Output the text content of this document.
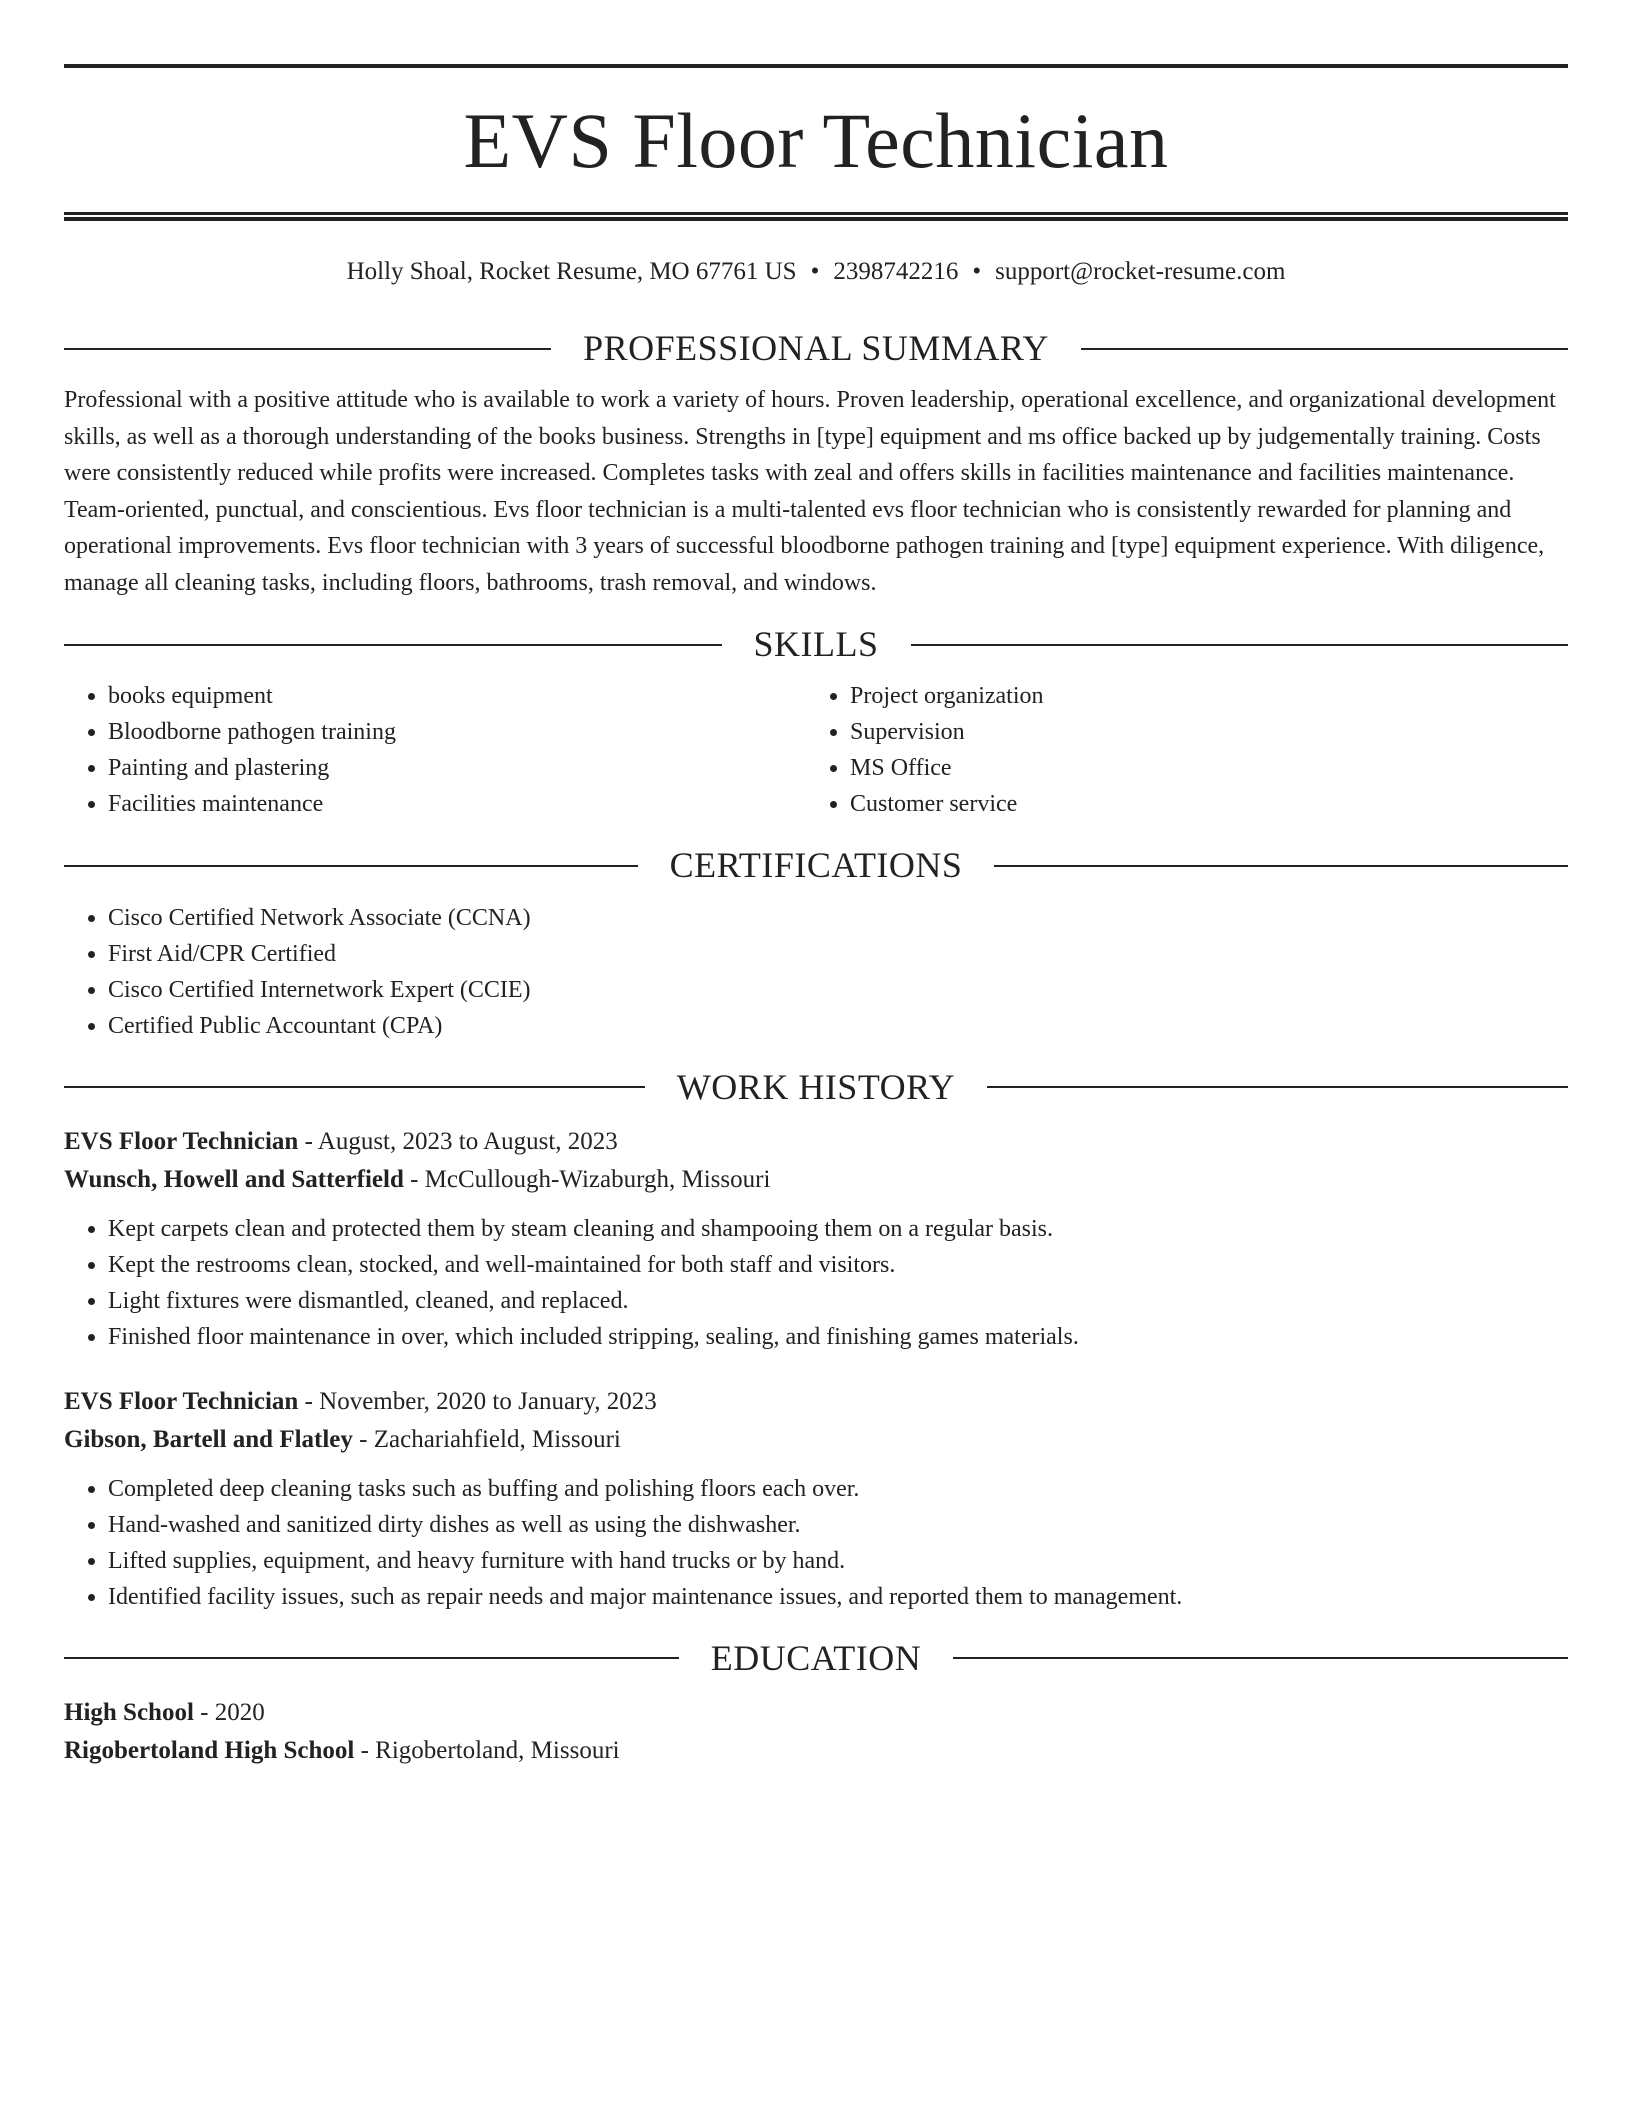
EVS Floor Technician
Holly Shoal, Rocket Resume, MO 67761 US • 2398742216 • support@rocket-resume.com
PROFESSIONAL SUMMARY
Professional with a positive attitude who is available to work a variety of hours. Proven leadership, operational excellence, and organizational development skills, as well as a thorough understanding of the books business. Strengths in [type] equipment and ms office backed up by judgementally training. Costs were consistently reduced while profits were increased. Completes tasks with zeal and offers skills in facilities maintenance and facilities maintenance. Team-oriented, punctual, and conscientious. Evs floor technician is a multi-talented evs floor technician who is consistently rewarded for planning and operational improvements. Evs floor technician with 3 years of successful bloodborne pathogen training and [type] equipment experience. With diligence, manage all cleaning tasks, including floors, bathrooms, trash removal, and windows.
SKILLS
• books equipment
• Bloodborne pathogen training
• Painting and plastering
• Facilities maintenance
• Project organization
• Supervision
• MS Office
• Customer service
CERTIFICATIONS
• Cisco Certified Network Associate (CCNA)
• First Aid/CPR Certified
• Cisco Certified Internetwork Expert (CCIE)
• Certified Public Accountant (CPA)
WORK HISTORY
EVS Floor Technician - August, 2023 to August, 2023
Wunsch, Howell and Satterfield - McCullough-Wizaburgh, Missouri
• Kept carpets clean and protected them by steam cleaning and shampooing them on a regular basis.
• Kept the restrooms clean, stocked, and well-maintained for both staff and visitors.
• Light fixtures were dismantled, cleaned, and replaced.
• Finished floor maintenance in over, which included stripping, sealing, and finishing games materials.
EVS Floor Technician - November, 2020 to January, 2023
Gibson, Bartell and Flatley - Zachariahfield, Missouri
• Completed deep cleaning tasks such as buffing and polishing floors each over.
• Hand-washed and sanitized dirty dishes as well as using the dishwasher.
• Lifted supplies, equipment, and heavy furniture with hand trucks or by hand.
• Identified facility issues, such as repair needs and major maintenance issues, and reported them to management.
EDUCATION
High School - 2020
Rigobertoland High School - Rigobertoland, Missouri
